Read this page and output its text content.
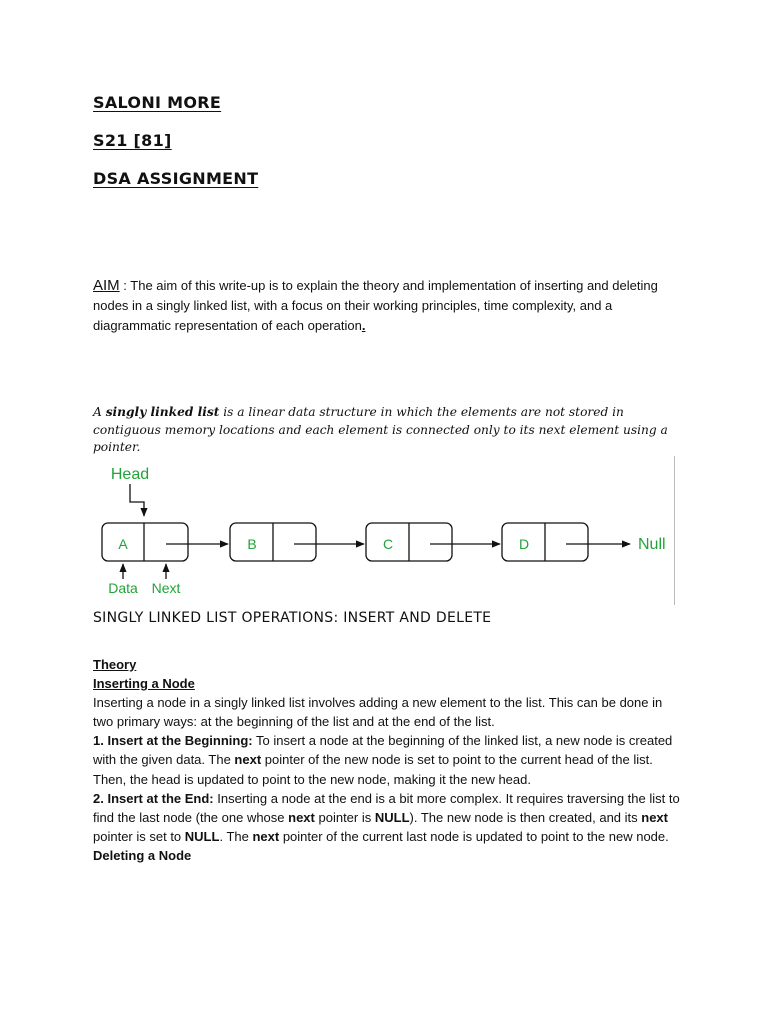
SALONI MORE
S21 [81]
DSA ASSIGNMENT
AIM : The aim of this write-up is to explain the theory and implementation of inserting and deleting nodes in a singly linked list, with a focus on their working principles, time complexity, and a diagrammatic representation of each operation.
A singly linked list is a linear data structure in which the elements are not stored in contiguous memory locations and each element is connected only to its next element using a pointer.
Head
A	B	C	D	Null
Data Next
SINGLY LINKED LIST OPERATIONS: INSERT AND DELETE

Theory

Inserting a Node

Inserting a node in a singly linked list involves adding a new element to the list. This can be done in two primary ways: at the beginning of the list and at the end of the list.

1. Insert at the Beginning: To insert a node at the beginning of the linked list, a new node is created with the given data. The next pointer of the new node is set to point to the current head of the list. Then, the head is updated to point to the new node, making it the new head.

2. Insert at the End: Inserting a node at the end is a bit more complex. It requires traversing the list to find the last node (the one whose next pointer is NULL). The new node is then created, and its next pointer is set to NULL. The next pointer of the current last node is updated to point to the new node.

Deleting a Node
